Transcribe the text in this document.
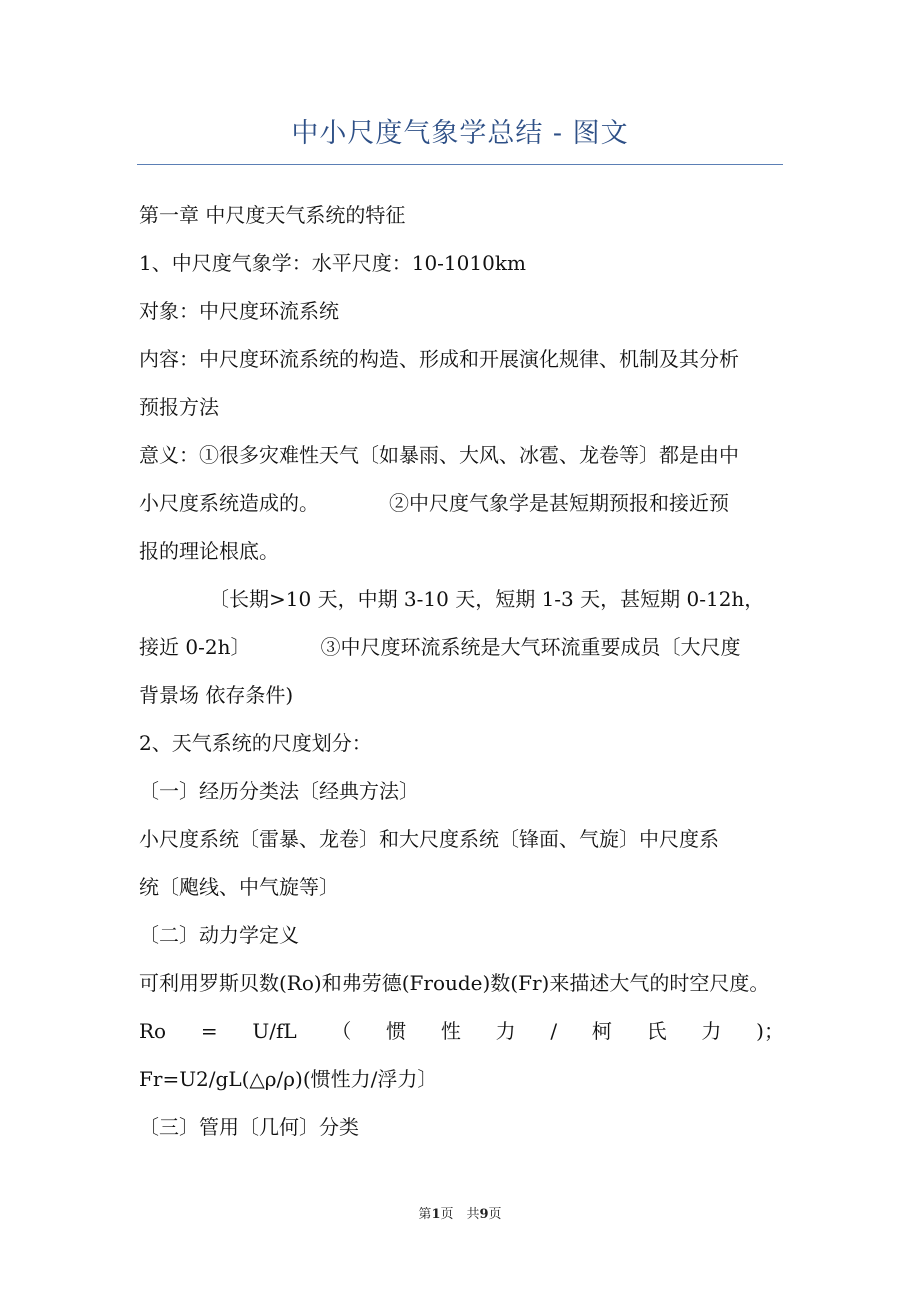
中小尺度气象学总结 - 图文
第一章 中尺度天气系统的特征
1、中尺度气象学：水平尺度：10-1010km
对象：中尺度环流系统
内容：中尺度环流系统的构造、形成和开展演化规律、机制及其分析
预报方法
意义：①很多灾难性天气〔如暴雨、大风、冰雹、龙卷等〕都是由中
小尺度系统造成的。　　　　②中尺度气象学是甚短期预报和接近预
报的理论根底。
　　　　〔长期>10 天，中期 3-10 天，短期 1-3 天，甚短期 0-12h，
接近 0-2h〕　　　　③中尺度环流系统是大气环流重要成员〔大尺度
背景场 依存条件)
2、天气系统的尺度划分：
〔一〕经历分类法〔经典方法〕
小尺度系统〔雷暴、龙卷〕和大尺度系统〔锋面、气旋〕中尺度系
统〔飑线、中气旋等〕
〔二〕动力学定义
可利用罗斯贝数(Ro)和弗劳德(Froude)数(Fr)来描述大气的时空尺度。
Ro = U/fL （ 惯 性 力 / 柯 氏 力 )；
Fr=U2/gL(△ρ/ρ)(惯性力/浮力〕
〔三〕管用〔几何〕分类
第1页　共9页
